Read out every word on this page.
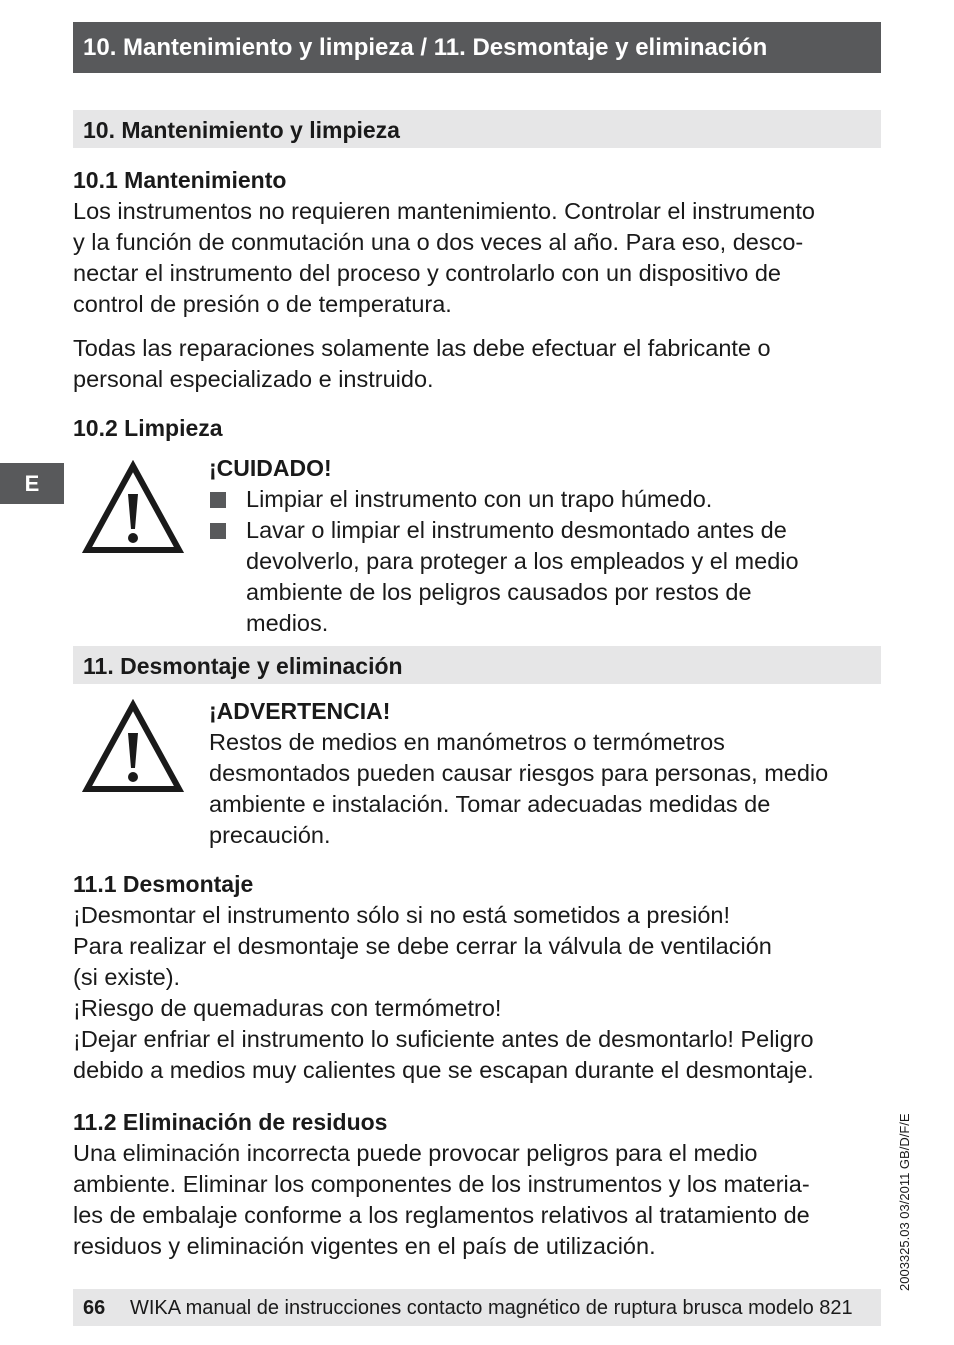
10. Mantenimiento y limpieza / 11. Desmontaje y eliminación
10. Mantenimiento y limpieza
10.1 Mantenimiento
Los instrumentos no requieren mantenimiento. Controlar el instrumento
y la función de conmutación una o dos veces al año. Para eso, desco-
nectar el instrumento del proceso y controlarlo con un dispositivo de
control de presión o de temperatura.
Todas las reparaciones solamente las debe efectuar el fabricante o
personal especializado e instruido.
10.2 Limpieza
E
¡CUIDADO!
Limpiar el instrumento con un trapo húmedo.
Lavar o limpiar el instrumento desmontado antes de
devolverlo, para proteger a los empleados y el medio
ambiente de los peligros causados por restos de
medios.
11. Desmontaje y eliminación
¡ADVERTENCIA!
Restos de medios en manómetros o termómetros
desmontados pueden causar riesgos para personas, medio
ambiente e instalación. Tomar adecuadas medidas de
precaución.
11.1 Desmontaje
¡Desmontar el instrumento sólo si no está sometidos a presión!
Para realizar el desmontaje se debe cerrar la válvula de ventilación
(si existe).
¡Riesgo de quemaduras con termómetro!
¡Dejar enfriar el instrumento lo suficiente antes de desmontarlo! Peligro
debido a medios muy calientes que se escapan durante el desmontaje.
11.2 Eliminación de residuos
Una eliminación incorrecta puede provocar peligros para el medio
ambiente. Eliminar los componentes de los instrumentos y los materia-
les de embalaje conforme a los reglamentos relativos al tratamiento de
residuos y eliminación vigentes en el país de utilización.	2003325.03 03/2011 GB/D/F/E
66 WIKA manual de instrucciones contacto magnético de ruptura brusca modelo 821
